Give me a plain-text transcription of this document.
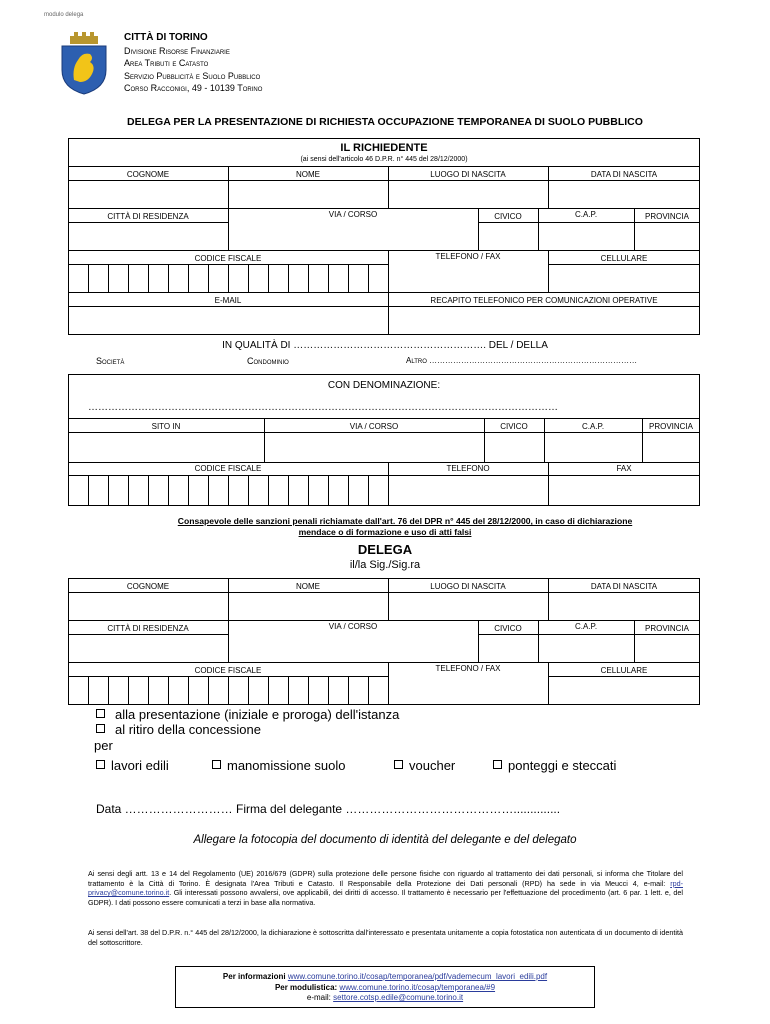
modulo delega
CITTÀ DI TORINO
Divisione Risorse Finanziarie
Area Tributi e Catasto
Servizio Pubblicità e Suolo Pubblico
Corso Racconigi, 49 - 10139 Torino
DELEGA PER LA PRESENTAZIONE DI RICHIESTA OCCUPAZIONE TEMPORANEA DI SUOLO PUBBLICO
IL RICHIEDENTE
(ai sensi dell'articolo 46 D.P.R. n° 445 del 28/12/2000)
COGNOME	NOME	LUOGO DI NASCITA	DATA DI NASCITA
CITTÀ DI RESIDENZA	VIA / CORSO	CIVICO	C.A.P.	PROVINCIA
CODICE FISCALE	TELEFONO / FAX	CELLULARE
E-MAIL	RECAPITO TELEFONICO PER COMUNICAZIONI OPERATIVE
IN QUALITÀ DI …………………………………………………. DEL / DELLA
Società	Condominio	Altro ……………………………………………………………………
CON DENOMINAZIONE:
……………………………………………………………………………………………………………………………
SITO IN	VIA / CORSO	CIVICO	C.A.P.	PROVINCIA
CODICE FISCALE	TELEFONO	FAX
Consapevole delle sanzioni penali richiamate dall'art. 76 del DPR n° 445 del 28/12/2000, in caso di dichiarazione
mendace o di formazione e uso di atti falsi
DELEGA
il/la Sig./Sig.ra
COGNOME	NOME	LUOGO DI NASCITA	DATA DI NASCITA
CITTÀ DI RESIDENZA	VIA / CORSO	CIVICO	C.A.P.	PROVINCIA
CODICE FISCALE	TELEFONO / FAX	CELLULARE
alla presentazione (iniziale e proroga) dell'istanza
al ritiro della concessione
per
lavori edili	manomissione suolo	voucher	ponteggi e steccati
Data ……………………… Firma del delegante ……………………………………..............
Allegare la fotocopia del documento di identità del delegante e del delegato
Ai sensi degli artt. 13 e 14 del Regolamento (UE) 2016/679 (GDPR) sulla protezione delle persone fisiche con riguardo al trattamento dei dati personali, si informa che Titolare del trattamento è la Città di Torino. È designata l'Area Tributi e Catasto. Il Responsabile della Protezione dei Dati personali (RPD) ha sede in via Meucci 4, e-mail: rpd-privacy@comune.torino.it. Gli interessati possono avvalersi, ove applicabili, dei diritti di accesso. Il trattamento è necessario per l'effettuazione del procedimento (art. 6 par. 1 lett. e, del GDPR). I dati possono essere comunicati a terzi in base alla normativa.
Ai sensi dell'art. 38 del D.P.R. n.° 445 del 28/12/2000, la dichiarazione è sottoscritta dall'interessato e presentata unitamente a copia fotostatica non autenticata di un documento di identità del sottoscrittore.
Per informazioni www.comune.torino.it/cosap/temporanea/pdf/vademecum_lavori_edili.pdf
Per modulistica: www.comune.torino.it/cosap/temporanea/#9
e-mail: settore.cotsp.edile@comune.torino.it
